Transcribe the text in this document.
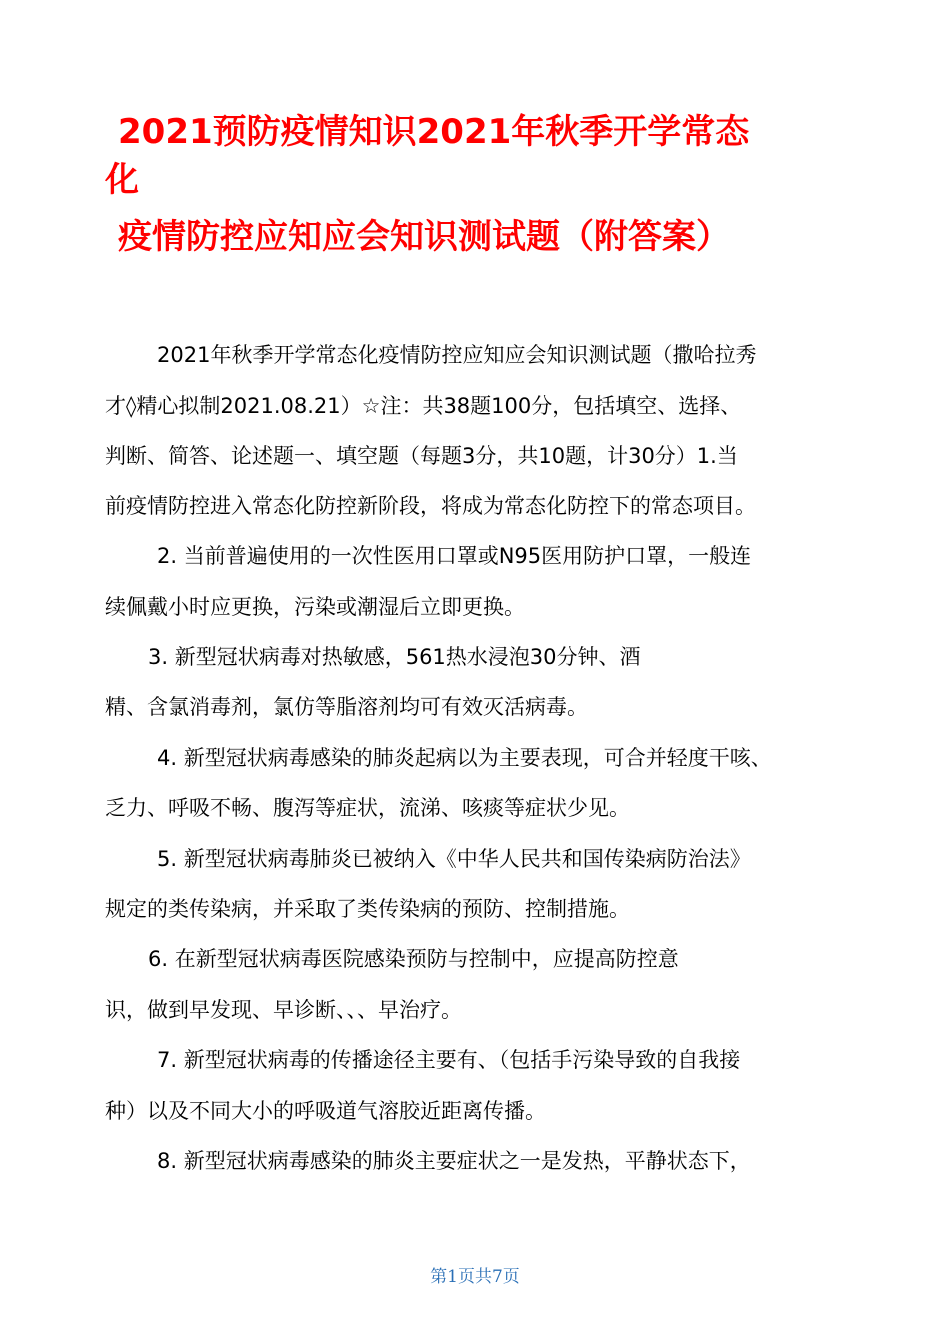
2021预防疫情知识2021年秋季开学常态
化
疫情防控应知应会知识测试题（附答案）

2021年秋季开学常态化疫情防控应知应会知识测试题（撒哈拉秀

才◊精心拟制2021.08.21）☆注：共38题100分，包括填空、选择、

判断、简答、论述题一、填空题（每题3分，共10题，计30分）1.当

前疫情防控进入常态化防控新阶段，将成为常态化防控下的常态项目。

2. 当前普遍使用的一次性医用口罩或N95医用防护口罩，一般连

续佩戴小时应更换，污染或潮湿后立即更换。

3. 新型冠状病毒对热敏感，561热水浸泡30分钟、酒

精、含氯消毒剂，氯仿等脂溶剂均可有效灭活病毒。

4. 新型冠状病毒感染的肺炎起病以为主要表现，可合并轻度干咳、

乏力、呼吸不畅、腹泻等症状，流涕、咳痰等症状少见。

5. 新型冠状病毒肺炎已被纳入《中华人民共和国传染病防治法》

规定的类传染病，并采取了类传染病的预防、控制措施。

6. 在新型冠状病毒医院感染预防与控制中，应提高防控意

识，做到早发现、早诊断、、、早治疗。

7. 新型冠状病毒的传播途径主要有、（包括手污染导致的自我接

种）以及不同大小的呼吸道气溶胶近距离传播。

8. 新型冠状病毒感染的肺炎主要症状之一是发热，平静状态下，

第1页共7页
